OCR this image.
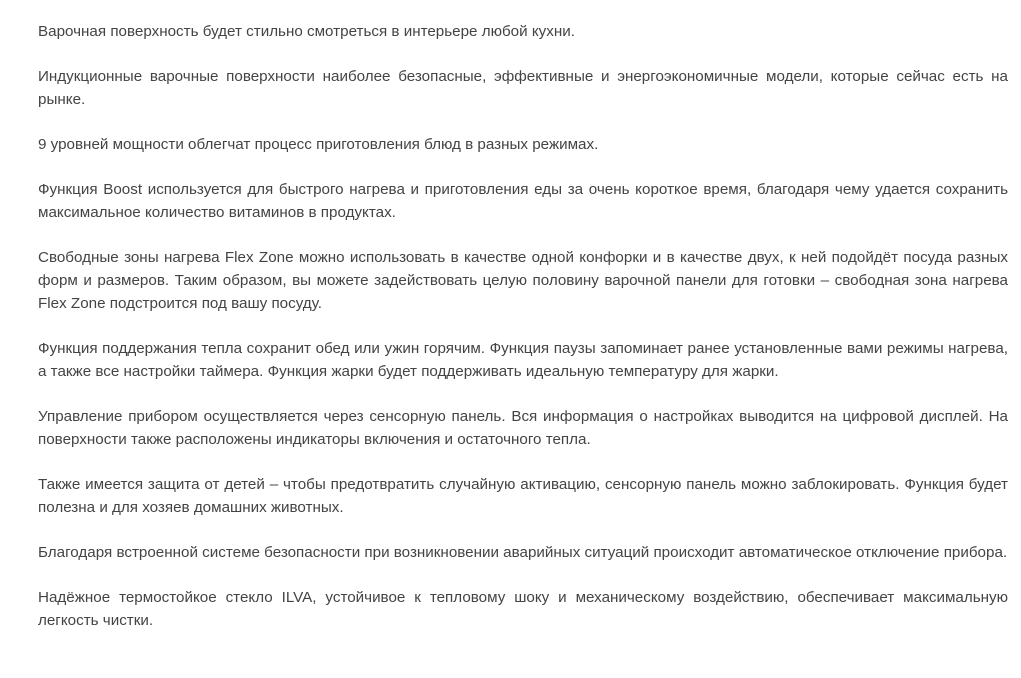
Варочная поверхность будет стильно смотреться в интерьере любой кухни.

Индукционные варочные поверхности наиболее безопасные, эффективные и энергоэкономичные модели, которые сейчас есть на рынке.

9 уровней мощности облегчат процесс приготовления блюд в разных режимах.

Функция Boost используется для быстрого нагрева и приготовления еды за очень короткое время, благодаря чему удается сохранить максимальное количество витаминов в продуктах.

Свободные зоны нагрева Flex Zone можно использовать в качестве одной конфорки и в качестве двух, к ней подойдёт посуда разных форм и размеров. Таким образом, вы можете задействовать целую половину варочной панели для готовки – свободная зона нагрева Flex Zone подстроится под вашу посуду.

Функция поддержания тепла сохранит обед или ужин горячим. Функция паузы запоминает ранее установленные вами режимы нагрева, а также все настройки таймера. Функция жарки будет поддерживать идеальную температуру для жарки.

Управление прибором осуществляется через сенсорную панель. Вся информация о настройках выводится на цифровой дисплей. На поверхности также расположены индикаторы включения и остаточного тепла.

Также имеется защита от детей – чтобы предотвратить случайную активацию, сенсорную панель можно заблокировать. Функция будет полезна и для хозяев домашних животных.

Благодаря встроенной системе безопасности при возникновении аварийных ситуаций происходит автоматическое отключение прибора.

Надёжное термостойкое стекло ILVA, устойчивое к тепловому шоку и механическому воздействию, обеспечивает максимальную легкость чистки.
